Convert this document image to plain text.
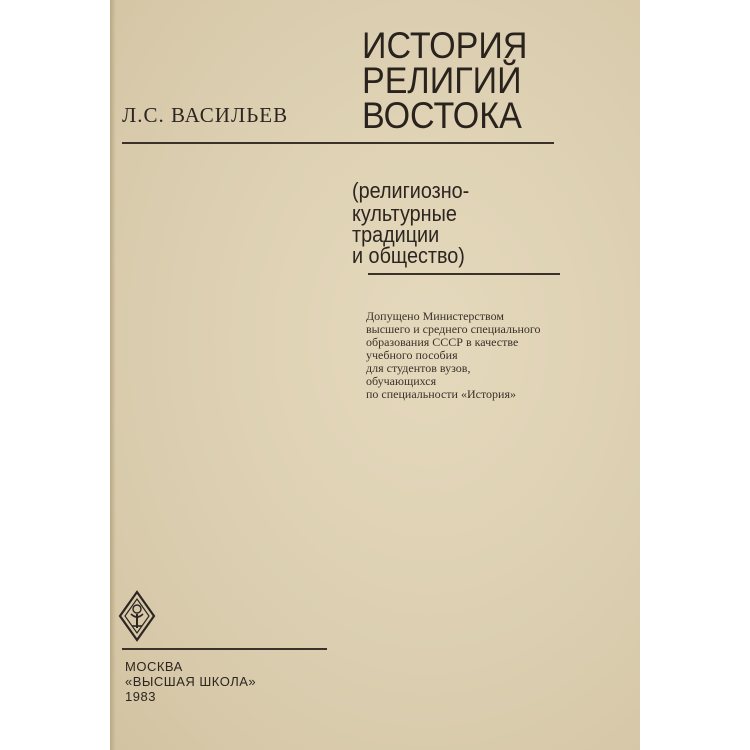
ИСТОРИЯ
РЕЛИГИЙ
ВОСТОКА
Л.С. ВАСИЛЬЕВ
(религиозно-
культурные
традиции
и общество)
Допущено Министерством
высшего и среднего специального
образования СССР в качестве
учебного пособия
для студентов вузов,
обучающихся
по специальности «История»
МОСКВА
«ВЫСШАЯ ШКОЛА»
1983
